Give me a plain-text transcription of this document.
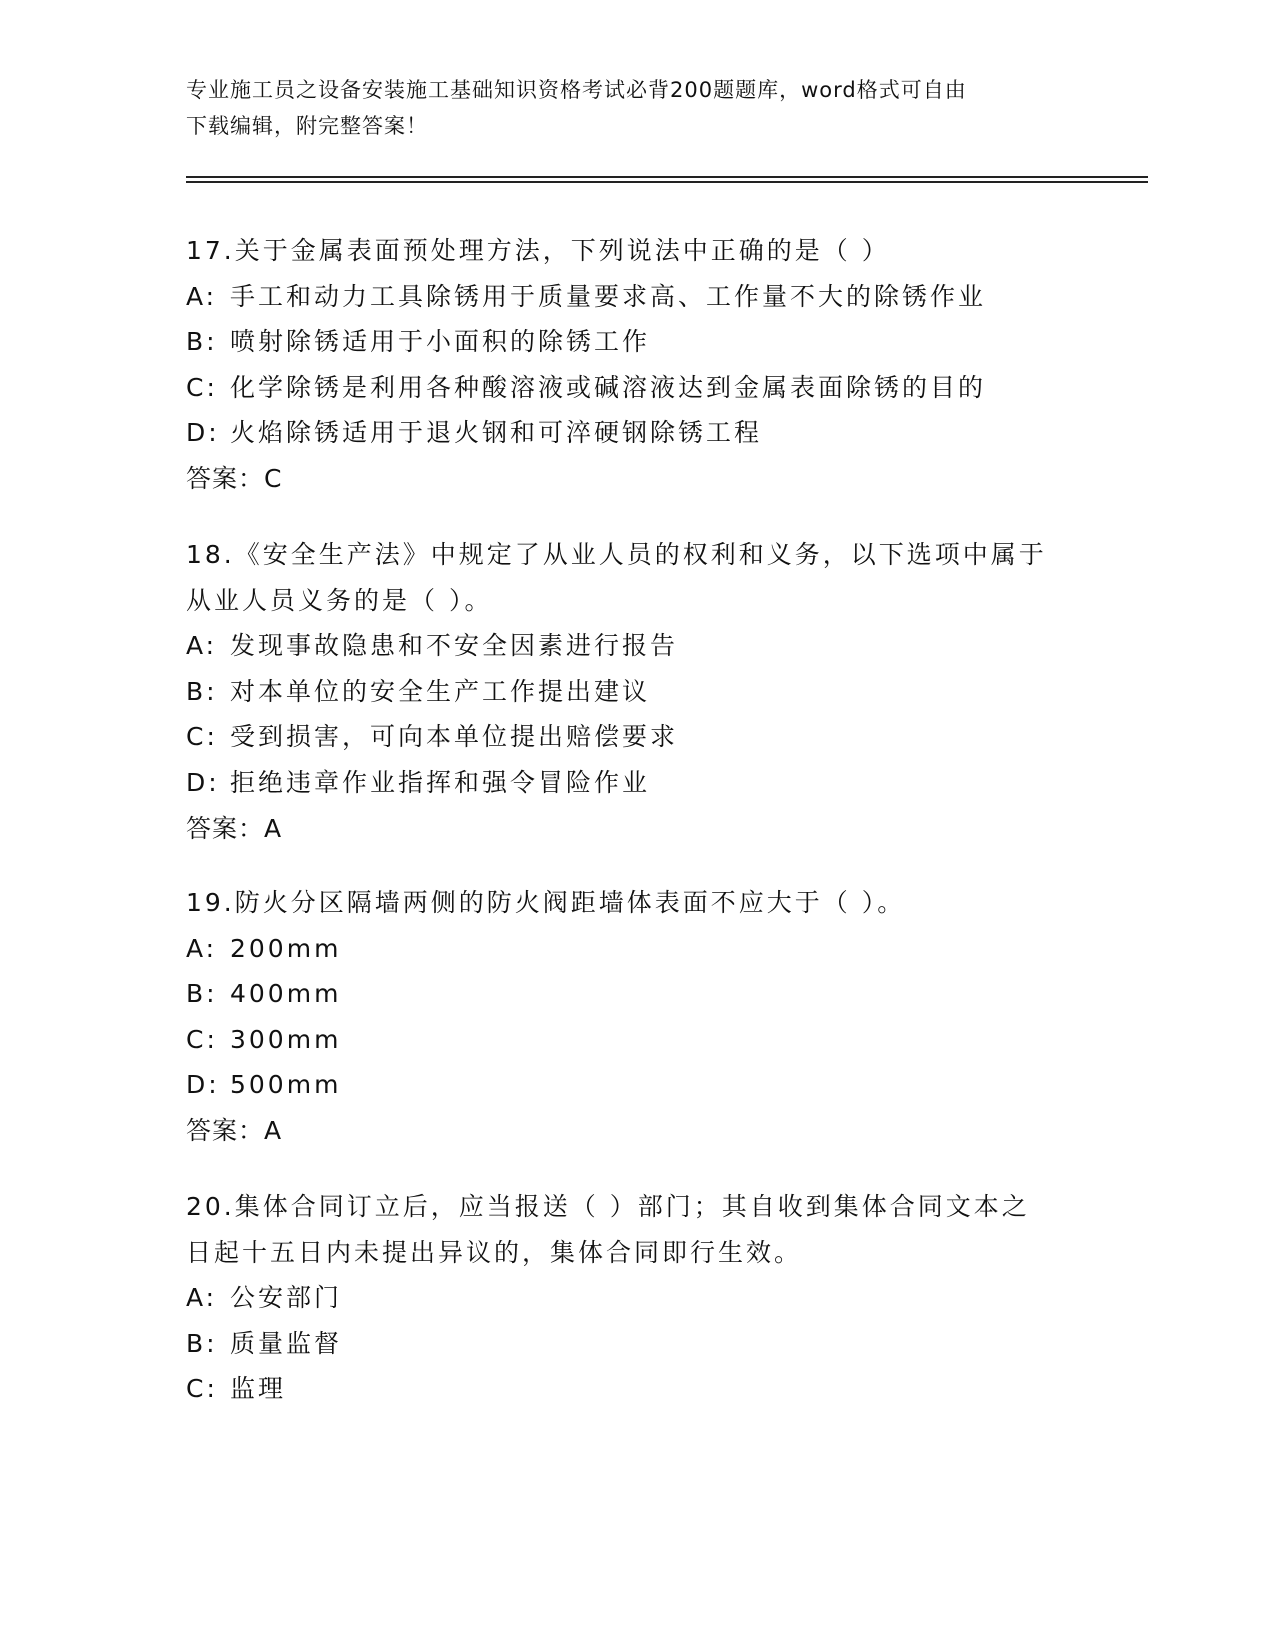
专业施工员之设备安装施工基础知识资格考试必背200题题库，word格式可自由
下载编辑，附完整答案！
17.关于金属表面预处理方法，下列说法中正确的是（ ）
A: 手工和动力工具除锈用于质量要求高、工作量不大的除锈作业
B: 喷射除锈适用于小面积的除锈工作
C: 化学除锈是利用各种酸溶液或碱溶液达到金属表面除锈的目的
D: 火焰除锈适用于退火钢和可淬硬钢除锈工程
答案：C
18.《安全生产法》中规定了从业人员的权利和义务，以下选项中属于
从业人员义务的是（ ）。
A: 发现事故隐患和不安全因素进行报告
B: 对本单位的安全生产工作提出建议
C: 受到损害，可向本单位提出赔偿要求
D: 拒绝违章作业指挥和强令冒险作业
答案：A
19.防火分区隔墙两侧的防火阀距墙体表面不应大于（ ）。
A: 200mm
B: 400mm
C: 300mm
D: 500mm
答案：A
20.集体合同订立后，应当报送（ ）部门；其自收到集体合同文本之
日起十五日内未提出异议的，集体合同即行生效。
A: 公安部门
B: 质量监督
C: 监理
